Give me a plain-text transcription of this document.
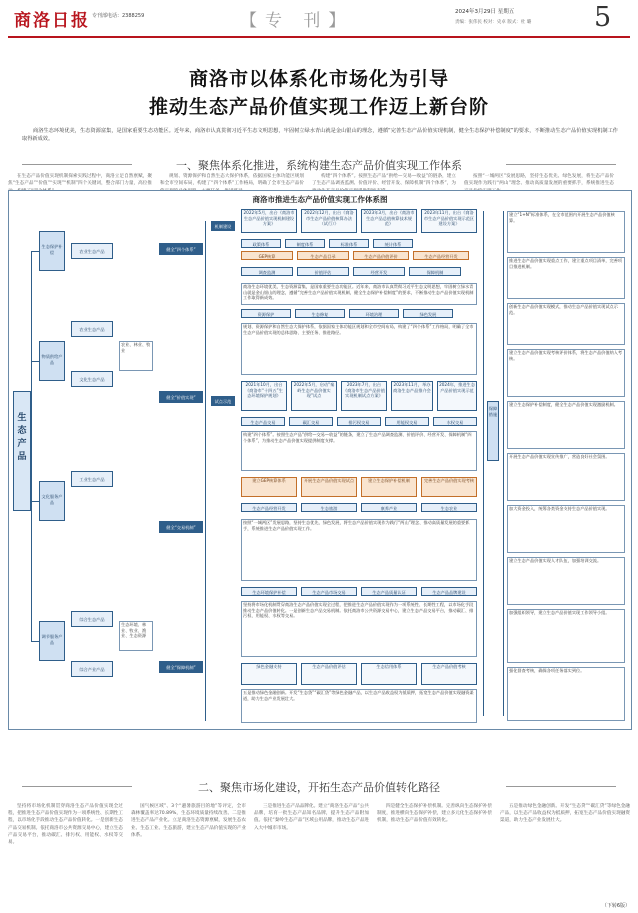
商洛日报 专刊部电话：2388259	【专 刊】	2024年3月29日 星期五
责编：张伟民 校对：史卓 版式：杜 璐 5
商洛市以体系化市场化为引导
推动生态产品价值实现工作迈上新台阶
商洛生态环境优美，生态资源富集，是国家重要生态功能区。近年来，商洛市认真贯彻习近平生态文明思想，牢固树立绿水青山就是金山银山的理念，遵循“完善生态产品价值实现机制，健全生态保护补偿制度”的要求，不断推动生态产品价值实现机制工作取得新成效。
一、聚焦体系化推进，系统构建生态产品价值实现工作体系

在生态产品价值实现机制探索实践过程中，商洛立足自然禀赋，聚焦“生态产品”“价值”“实现”“机制”四个关键词，整合部门力量，高位推

规划、资源保护和自然生态大保护体系，依据国家主体功能区规划和全市空间布局，构建了“四个体系”工作格局，明确了全市生态产品价

构建“四个体系”。按照生态产品“供给—交易—收益”的链条，建立了生态产品调查监测、价值评价、经营开发、保障机制“四个体系”，为

按照“一城两区”发展思路，坚持生态优先、绿色发展，将生态产品价值实现作为践行“两山”理念、推动高质量发展的重要抓手，系统推进生态

商洛市推进生态产品价值实现工作体系图
生态产品
生态保护补偿
物质供给产品
文化服务产品
调节服务产品
农业生态产品
农业生态产品
文化生态产品
工业生态产品
综合生态产品
综合产业产品
农业、林业、牧业
生态环境、林业、牧业、渔业、生态资源
健全“四个体系”
健全“价值实现”
健全“交易机制”
健全“保障机制”
机制建设
2022年5月，出台《商洛市生态产品价值实现机制建设方案》
2022年12月，出台《商洛市生态产品价值核算办法（试行）》
2023年3月，出台《商洛市生态产品总值核算技术规范》
2023年11月，出台《商洛市生态产品价值实现示范区建设方案》
政策体系	制度体系	标准体系	统计体系
GEP核算	生态产品目录	生态产品价值评价	生态产品经营开发
调查监测	价值评估	经营开发	保障机制
商洛生态环境优美，生态资源富集，是国家重要生态功能区。近年来，商洛市认真贯彻习近平生态文明思想，牢固树立绿水青山就是金山银山的理念，遵循“完善生态产品价值实现机制，健全生态保护补偿制度”的要求，不断推动生态产品价值实现机制工作取得新成效。
资源保护	生态修复	环境治理	绿色发展
规划、资源保护和自然生态大保护体系，依据国家主体功能区规划和全市空间布局，构建了“四个体系”工作格局，明确了全市生态产品价值实现的总体思路、主要任务、推进路径。
试点示范
2021年10月，出台《商洛市“十四五”生态环境保护规划》
2022年5月，启动“秦岭生态产品价值实现”试点
2023年7月，出台《商洛市生态产品价值实现机制试点方案》
2023年11月，举办商洛生态产品推介会
2024年，推进生态产品价值实现示范
生态产品交易	碳汇交易	排污权交易	用能权交易	水权交易
构建“四个体系”。按照生态产品“供给—交易—收益”的链条，建立了生态产品调查监测、价值评价、经营开发、保障机制“四个体系”，为推动生态产品价值实现提供制度支撑。
建立GEP核算体系	开展生态产品价值实现试点	建立生态保护补偿机制	完善生态产品价值实现考核
生态产品经营开发	生态旅游	康养产业	生态农业
按照“一城两区”发展思路，坚持生态优先、绿色发展，将生态产品价值实现作为践行“两山”理念、推动高质量发展的重要抓手，系统推进生态产品价值实现工作。
生态环境保护补偿	生态产品市场交易	生态产品质量认证	生态产品品牌建设
坚持将市场化机制贯穿商洛生态产品价值实现全过程，把推进生态产品价值实现作为一项系统性、长期性工程，以市场化手段推动生态产品价值转化。一是创新生态产品交易机制。依托商洛市公共资源交易中心，建立生态产品交易平台，推动碳汇、排污权、用能权、水权等交易。
绿色金融支持	生态产品价值评估	生态信用体系	生态产品价值考核
五是推动绿色金融创新。开发“生态贷”“碳汇贷”等绿色金融产品，以生态产品收益权为抵质押，拓宽生态产品价值实现融资渠道，助力生态产业发展壮大。
保障措施
建立“1+N”标准体系，在全市范围内开展生态产品价值核算。
推进生态产品价值实现重点工作，建立重点项目清单，完善项目推进机制。
创新生态产品价值实现模式，推动生态产品价值实现试点示范。
建立生态产品价值实现考核评价体系，将生态产品价值纳入考核。
建立生态保护补偿制度，健全生态产品价值实现激励机制。
开展生态产品价值实现宣传推广，营造良好社会氛围。
加大资金投入，统筹各类资金支持生态产品价值实现。
建立生态产品价值实现人才队伍，加强培训交流。
加强组织领导，建立生态产品价值实现工作领导小组。
强化督查考核，确保各项任务落实到位。
二、聚焦市场化建设，开拓生态产品价值转化路径

坚持将市场化机制贯穿商洛生态产品价值实现全过程，把推进生态产品价值实现作为一项系统性、长期性工程，以市场化手段推动生态产品价值转化。一是创新生态产品交易机制。依托商洛市公共资源交易中心，建立生态产品交易平台，推动碳汇、排污权、用能权、水权等交易。

国气候区域”、3个“避暑旅游目的地”等评定，全市森林覆盖率达70.89%，生态环境质量持续改善。二是推进生态产品产业化。立足商洛生态资源禀赋，发展生态农业、生态工业、生态旅游，建立生态产品价值实现的产业体系。

三是推进生态产品品牌化。建立“商洛生态产品”公共品牌，培育一批生态产品知名品牌，提升生态产品附加值。依托“秦岭生态产品”区域公用品牌，推动生态产品进入大中城市市场。

四是健全生态保护补偿机制。完善纵向生态保护补偿制度，推进横向生态保护补偿，建立多元化生态保护补偿机制，推动生态产品价值有效转化。

五是推动绿色金融创新。开发“生态贷”“碳汇贷”等绿色金融产品，以生态产品收益权为抵质押，拓宽生态产品价值实现融资渠道，助力生态产业发展壮大。

（下转6版）
